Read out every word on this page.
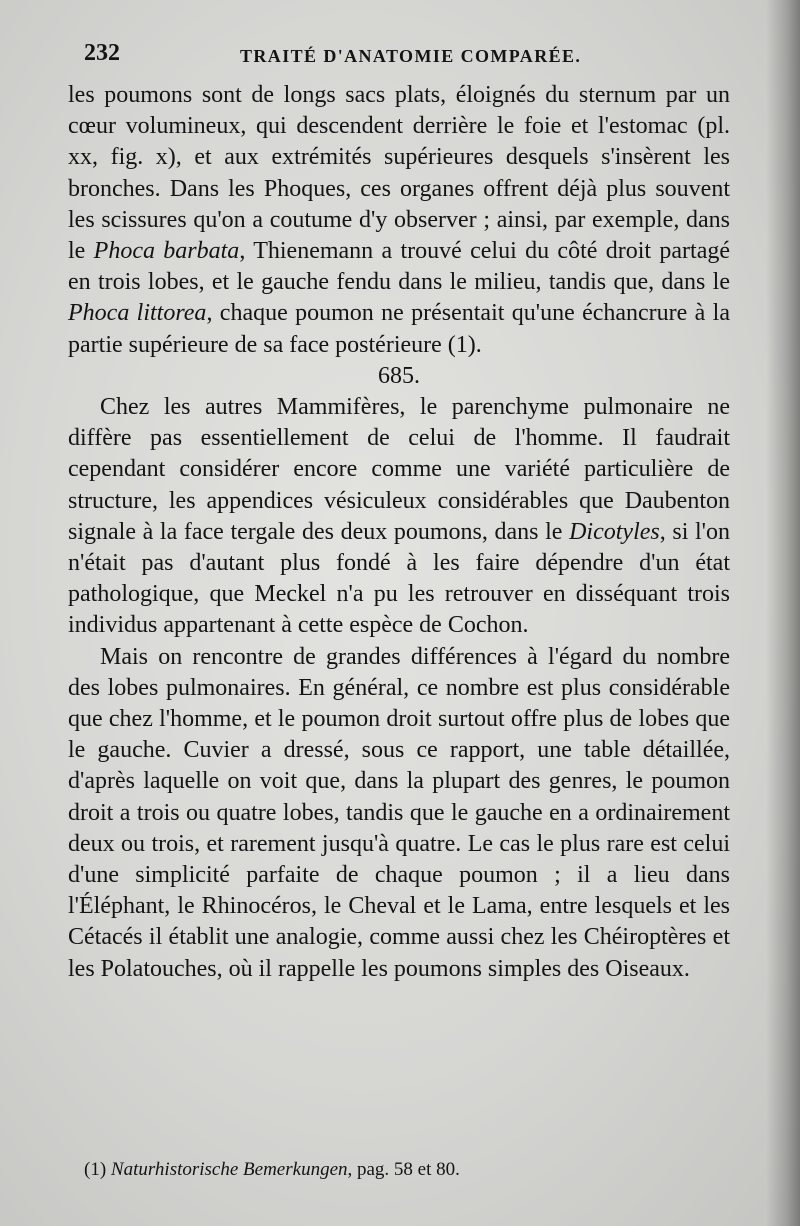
232	TRAITÉ D'ANATOMIE COMPARÉE.

les poumons sont de longs sacs plats, éloignés du sternum par un cœur volumineux, qui descendent derrière le foie et l'estomac (pl. xx, fig. x), et aux extrémités supérieures desquels s'insèrent les bronches. Dans les Phoques, ces organes offrent déjà plus souvent les scissures qu'on a coutume d'y observer ; ainsi, par exemple, dans le Phoca barbata, Thienemann a trouvé celui du côté droit partagé en trois lobes, et le gauche fendu dans le milieu, tandis que, dans le Phoca littorea, chaque poumon ne présentait qu'une échancrure à la partie supérieure de sa face postérieure (1).

685.

Chez les autres Mammifères, le parenchyme pulmonaire ne diffère pas essentiellement de celui de l'homme. Il faudrait cependant considérer encore comme une variété particulière de structure, les appendices vésiculeux considérables que Daubenton signale à la face tergale des deux poumons, dans le Dicotyles, si l'on n'était pas d'autant plus fondé à les faire dépendre d'un état pathologique, que Meckel n'a pu les retrouver en disséquant trois individus appartenant à cette espèce de Cochon.

Mais on rencontre de grandes différences à l'égard du nombre des lobes pulmonaires. En général, ce nombre est plus considérable que chez l'homme, et le poumon droit surtout offre plus de lobes que le gauche. Cuvier a dressé, sous ce rapport, une table détaillée, d'après laquelle on voit que, dans la plupart des genres, le poumon droit a trois ou quatre lobes, tandis que le gauche en a ordinairement deux ou trois, et rarement jusqu'à quatre. Le cas le plus rare est celui d'une simplicité parfaite de chaque poumon ; il a lieu dans l'Éléphant, le Rhinocéros, le Cheval et le Lama, entre lesquels et les Cétacés il établit une analogie, comme aussi chez les Chéiroptères et les Polatouches, où il rappelle les poumons simples des Oiseaux.

(1) Naturhistorische Bemerkungen, pag. 58 et 80.
